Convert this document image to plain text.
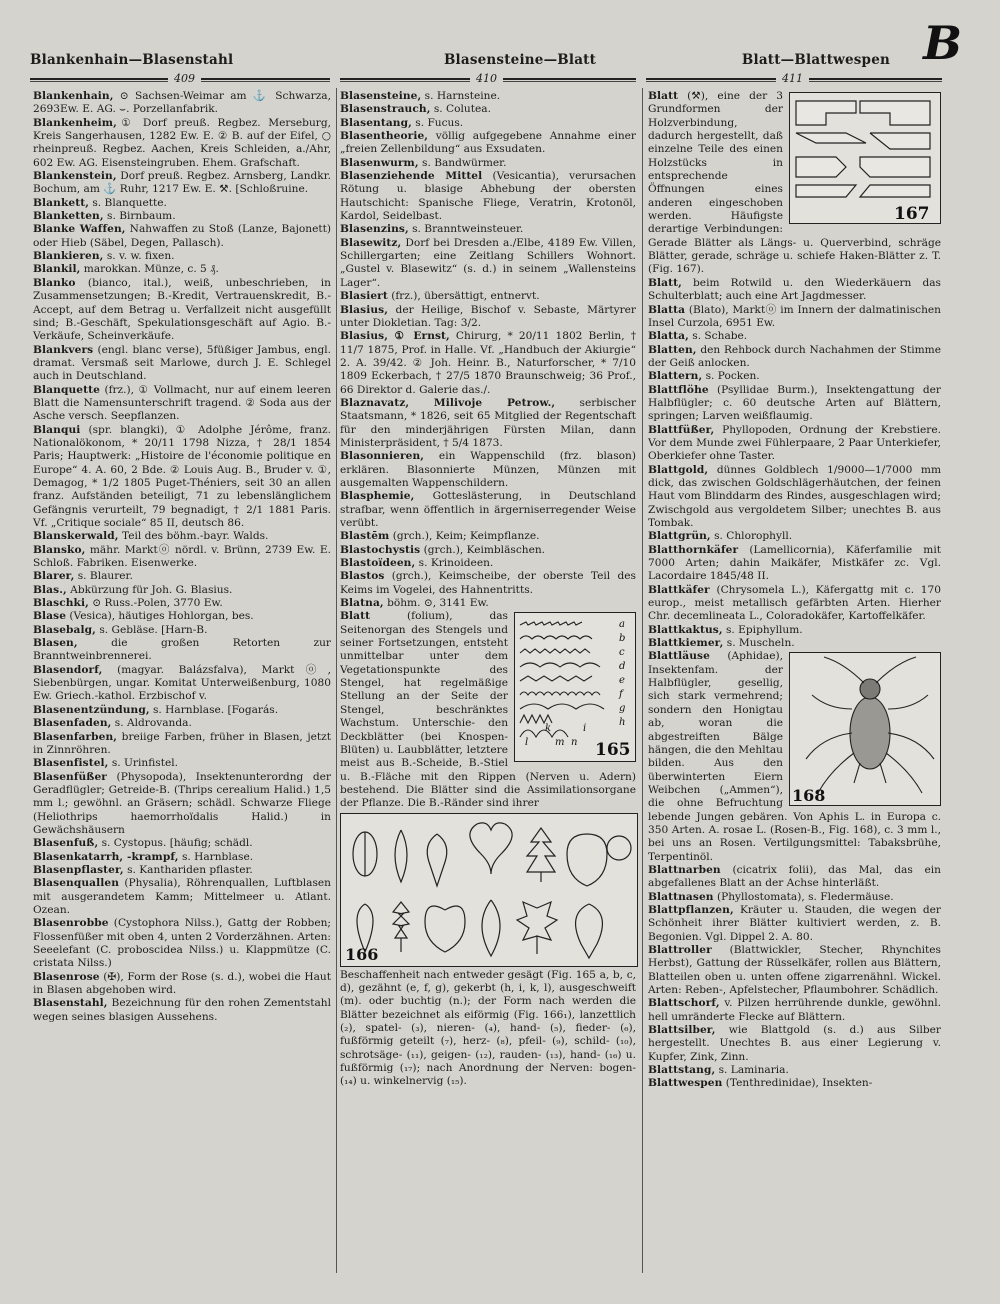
B
Blankenhain—Blasenstahl	Blasensteine—Blatt	Blatt—Blattwespen
409	410	411
Blankenhain, ⊙ Sachsen-Weimar am ⚓ Schwarza, 2693Ew. E. AG. ⌣. Porzellanfabrik.
Blankenheim,① Dorf preuß. Regbez. Merseburg, Kreis Sangerhausen, 1282 Ew. E. ② B. auf der Eifel, ○ rheinpreuß. Regbez. Aachen, Kreis Schleiden, a./Ahr, 602 Ew. AG. Eisensteingruben. Ehem. Grafschaft.
Blankenstein, Dorf preuß. Regbez. Arnsberg, Landkr. Bochum, am ⚓ Ruhr, 1217 Ew. E. ⚒. [Schloßruine.
Blankett, s. Blanquette.
Blanketten, s. Birnbaum.
Blanke Waffen, Nahwaffen zu Stoß (Lanze, Bajonett) oder Hieb (Säbel, Degen, Pallasch).
Blankieren, s. v. w. fixen.
Blankil, marokkan. Münze, c. 5 ₰.
Blanko (bianco, ital.), weiß, unbeschrieben, in Zusammensetzungen; B.-Kredit, Vertrauenskredit, B.-Accept, auf dem Betrag u. Verfallzeit nicht ausgefüllt sind; B.-Geschäft, Spekulationsgeschäft auf Agio. B.-Verkäufe, Scheinverkäufe.
Blankvers (engl. blanc verse), 5füßiger Jambus, engl. dramat. Versmaß seit Marlowe, durch J. E. Schlegel auch in Deutschland.
Blanquette (frz.), ① Vollmacht, nur auf einem leeren Blatt die Namensunterschrift tragend. ② Soda aus der Asche versch. Seepflanzen.
Blanqui (spr. blangki), ① Adolphe Jérôme, franz. Nationalökonom, * 20/11 1798 Nizza, † 28/1 1854 Paris; Hauptwerk: „Histoire de l'économie politique en Europe“ 4. A. 60, 2 Bde. ② Louis Aug. B., Bruder v. ①, Demagog, * 1/2 1805 Puget-Théniers, seit 30 an allen franz. Aufständen beteiligt, 71 zu lebenslänglichem Gefängnis verurteilt, 79 begnadigt, † 2/1 1881 Paris. Vf. „Critique sociale“ 85 II, deutsch 86.
Blanskerwald, Teil des böhm.-bayr. Walds.
Blansko, mähr. Marktⓞ nördl. v. Brünn, 2739 Ew. E. Schloß. Fabriken. Eisenwerke.
Blarer, s. Blaurer.
Blas., Abkürzung für Joh. G. Blasius.
Blaschki, ⊙ Russ.-Polen, 3770 Ew.
Blase (Vesica), häutiges Hohlorgan, bes.
Blasebalg, s. Gebläse. [Harn-B.
Blasen, die großen Retorten zur Branntweinbrennerei.
Blasendorf, (magyar. Balázsfalva), Marktⓞ, Siebenbürgen, ungar. Komitat Unterweißenburg, 1080 Ew. Griech.-kathol. Erzbischof v.
Blasenentzündung, s. Harnblase. [Fogarás.
Blasenfaden, s. Aldrovanda.
Blasenfarben, breiige Farben, früher in Blasen, jetzt in Zinnröhren.
Blasenfistel, s. Urinfistel.
Blasenfüßer (Physopoda), Insektenunterordng der Geradflügler; Getreide-B. (Thrips cerealium Halid.) 1,5 mm l.; gewöhnl. an Gräsern; schädl. Schwarze Fliege (Heliothrips haemorrhoïdalis Halid.) in Gewächshäusern
Blasenfuß, s. Cystopus. [häufig; schädl.
Blasenkatarrh, -krampf, s. Harnblase.
Blasenpflaster, s. Kanthariden pflaster.
Blasenquallen (Physalia), Röhrenquallen, Luftblasen mit ausgerandetem Kamm; Mittelmeer u. Atlant. Ozean.
Blasenrobbe (Cystophora Nilss.), Gattg der Robben; Flossenfüßer mit oben 4, unten 2 Vorderzähnen. Arten: Seeelefant (C. proboscidea Nilss.) u. Klappmütze (C. cristata Nilss.)
Blasenrose (✠), Form der Rose (s. d.), wobei die Haut in Blasen abgehoben wird.
Blasenstahl, Bezeichnung für den rohen Zementstahl wegen seines blasigen Aussehens.
Blasensteine, s. Harnsteine.
Blasenstrauch, s. Colutea.
Blasentang, s. Fucus.
Blasentheorie, völlig aufgegebene Annahme einer „freien Zellenbildung“ aus Exsudaten.
Blasenwurm, s. Bandwürmer.
Blasenziehende Mittel (Vesicantia), verursachen Rötung u. blasige Abhebung der obersten Hautschicht: Spanische Fliege, Veratrin, Krotonöl, Kardol, Seidelbast.
Blasenzins, s. Branntweinsteuer.
Blasewitz, Dorf bei Dresden a./Elbe, 4189 Ew. Villen, Schillergarten; eine Zeitlang Schillers Wohnort. „Gustel v. Blasewitz“ (s. d.) in seinem „Wallensteins Lager“.
Blasiert (frz.), übersättigt, entnervt.
Blasius, der Heilige, Bischof v. Sebaste, Märtyrer unter Diokletian. Tag: 3/2.
Blasius, ① Ernst, Chirurg, * 20/11 1802 Berlin, † 11/7 1875, Prof. in Halle. Vf. „Handbuch der Akiurgie“ 2. A. 39/42. ② Joh. Heinr. B., Naturforscher, * 7/10 1809 Eckerbach, † 27/5 1870 Braunschweig; 36 Prof., 66 Direktor d. Galerie das./.
Blaznavatz, Milivoje Petrow., serbischer Staatsmann, * 1826, seit 65 Mitglied der Regentschaft für den minderjährigen Fürsten Milan, dann Ministerpräsident, † 5/4 1873.
Blasonnieren, ein Wappenschild (frz. blason) erklären. Blasonnierte Münzen, Münzen mit ausgemalten Wappenschildern.
Blasphemie, Gotteslästerung, in Deutschland strafbar, wenn öffentlich in ärgerniserregender Weise verübt.
Blastēm (grch.), Keim; Keimpflanze.
Blastochystis (grch.), Keimbläschen.
Blastoïdeen, s. Krinoideen.
Blastos (grch.), Keimscheibe, der oberste Teil des Keims im Vogelei, des Hahnentritts.
Blatna, böhm. ⊙, 3141 Ew.
a
b
c
d
e
f
g
h
i
k
l	m n 165
Blatt	(folium), das Seitenorgan des Stengels und seiner Fortsetzungen, entsteht unmittelbar unter dem Vegetationspunkte des Stengel, hat regelmäßige Stellung an der Seite der Stengel, beschränktes Wachstum. Unterschie- den Deckblätter (bei Knospen-Blüten) u. Laubblätter, letztere meist aus B.-Scheide, B.-Stiel u. B.-Fläche mit den Rippen (Nerven u. Adern) bestehend. Die Blätter sind die Assimilationsorgane der Pflanze. Die B.-Ränder sind ihrer
166
Beschaffenheit nach entweder gesägt (Fig. 165 a, b, c, d), gezähnt (e, f, g), gekerbt (h, i, k, l), ausgeschweift (m). oder buchtig (n.); der Form nach werden die Blätter bezeichnet als eiförmig (Fig. 166₁), lanzettlich (₂), spatel- (₃), nieren- (₄), hand- (₅), fieder- (₆), fußförmig geteilt (₇), herz- (₈), pfeil- (₉), schild- (₁₀), schrotsäge- (₁₁), geigen- (₁₂), rauden- (₁₃), hand- (₁₆) u. fußförmig (₁₇); nach Anordnung der Nerven: bogen- (₁₄) u. winkelnervig (₁₅).
167
Blatt (⚒), eine der 3 Grundformen der Holzverbindung, dadurch hergestellt, daß einzelne Teile des einen Holzstücks in entsprechende Öffnungen eines anderen eingeschoben werden. Häufigste derartige Verbindungen: Gerade Blätter als Längs- u. Querverbind, schräge Blätter, gerade, schräge u. schiefe Haken-Blätter z. T. (Fig. 167).
Blatt, beim Rotwild u. den Wiederkäuern das Schulterblatt; auch eine Art Jagdmesser.
Blatta (Blato), Marktⓞ im Innern der dalmatinischen Insel Curzola, 6951 Ew.
Blatta, s. Schabe.
Blatten, den Rehbock durch Nachahmen der Stimme der Geiß anlocken.
Blattern, s. Pocken.
Blattflöhe (Psyllidae Burm.), Insektengattung der Halbflügler; c. 60 deutsche Arten auf Blättern, springen; Larven weißflaumig.
Blattfüßer, Phyllopoden, Ordnung der Krebstiere. Vor dem Munde zwei Fühlerpaare, 2 Paar Unterkiefer, Oberkiefer ohne Taster.
Blattgold, dünnes Goldblech 1/9000—1/7000 mm dick, das zwischen Goldschlägerhäutchen, der feinen Haut vom Blinddarm des Rindes, ausgeschlagen wird; Zwischgold aus vergoldetem Silber; unechtes B. aus Tombak.
Blattgrün, s. Chlorophyll.
Blatthornkäfer (Lamellicornia), Käferfamilie mit 7000 Arten; dahin Maikäfer, Mistkäfer zc. Vgl. Lacordaire 1845/48 II.
Blattkäfer (Chrysomela L.), Käfergattg mit c. 170 europ., meist metallisch gefärbten Arten. Hierher Chr. decemlineata L., Coloradokäfer, Kartoffelkäfer.
Blattkaktus, s. Epiphyllum.
Blattkiemer, s. Muscheln.
168
Blattläuse (Aphidae), Insektenfam. der Halbflügler, gesellig, sich stark vermehrend; sondern den Honigtau ab, woran die abgestreiften Bälge hängen, die den Mehltau bilden. Aus den überwinterten Eiern Weibchen („Ammen“), die ohne Befruchtung lebende Jungen gebären. Von Aphis L. in Europa c. 350 Arten. A. rosae L. (Rosen-B., Fig. 168), c. 3 mm l., bei uns an Rosen. Vertilgungsmittel: Tabaksbrühe, Terpentinöl.
Blattnarben (cicatrix folii), das Mal, das ein abgefallenes Blatt an der Achse hinterläßt.
Blattnasen (Phyllostomata), s. Fledermäuse.
Blattpflanzen, Kräuter u. Stauden, die wegen der Schönheit ihrer Blätter kultiviert werden, z. B. Begonien. Vgl. Dippel 2. A. 80.
Blattroller (Blattwickler, Stecher, Rhynchites Herbst), Gattung der Rüsselkäfer, rollen aus Blättern, Blatteilen oben u. unten offene zigarrenähnl. Wickel. Arten: Reben-, Apfelstecher, Pflaumbohrer. Schädlich.
Blattschorf, v. Pilzen herrührende dunkle, gewöhnl. hell umränderte Flecke auf Blättern.
Blattsilber, wie Blattgold (s. d.) aus Silber hergestellt. Unechtes B. aus einer Legierung v. Kupfer, Zink, Zinn.
Blattstang, s. Laminaria.
Blattwespen (Tenthredinidae), Insekten-
